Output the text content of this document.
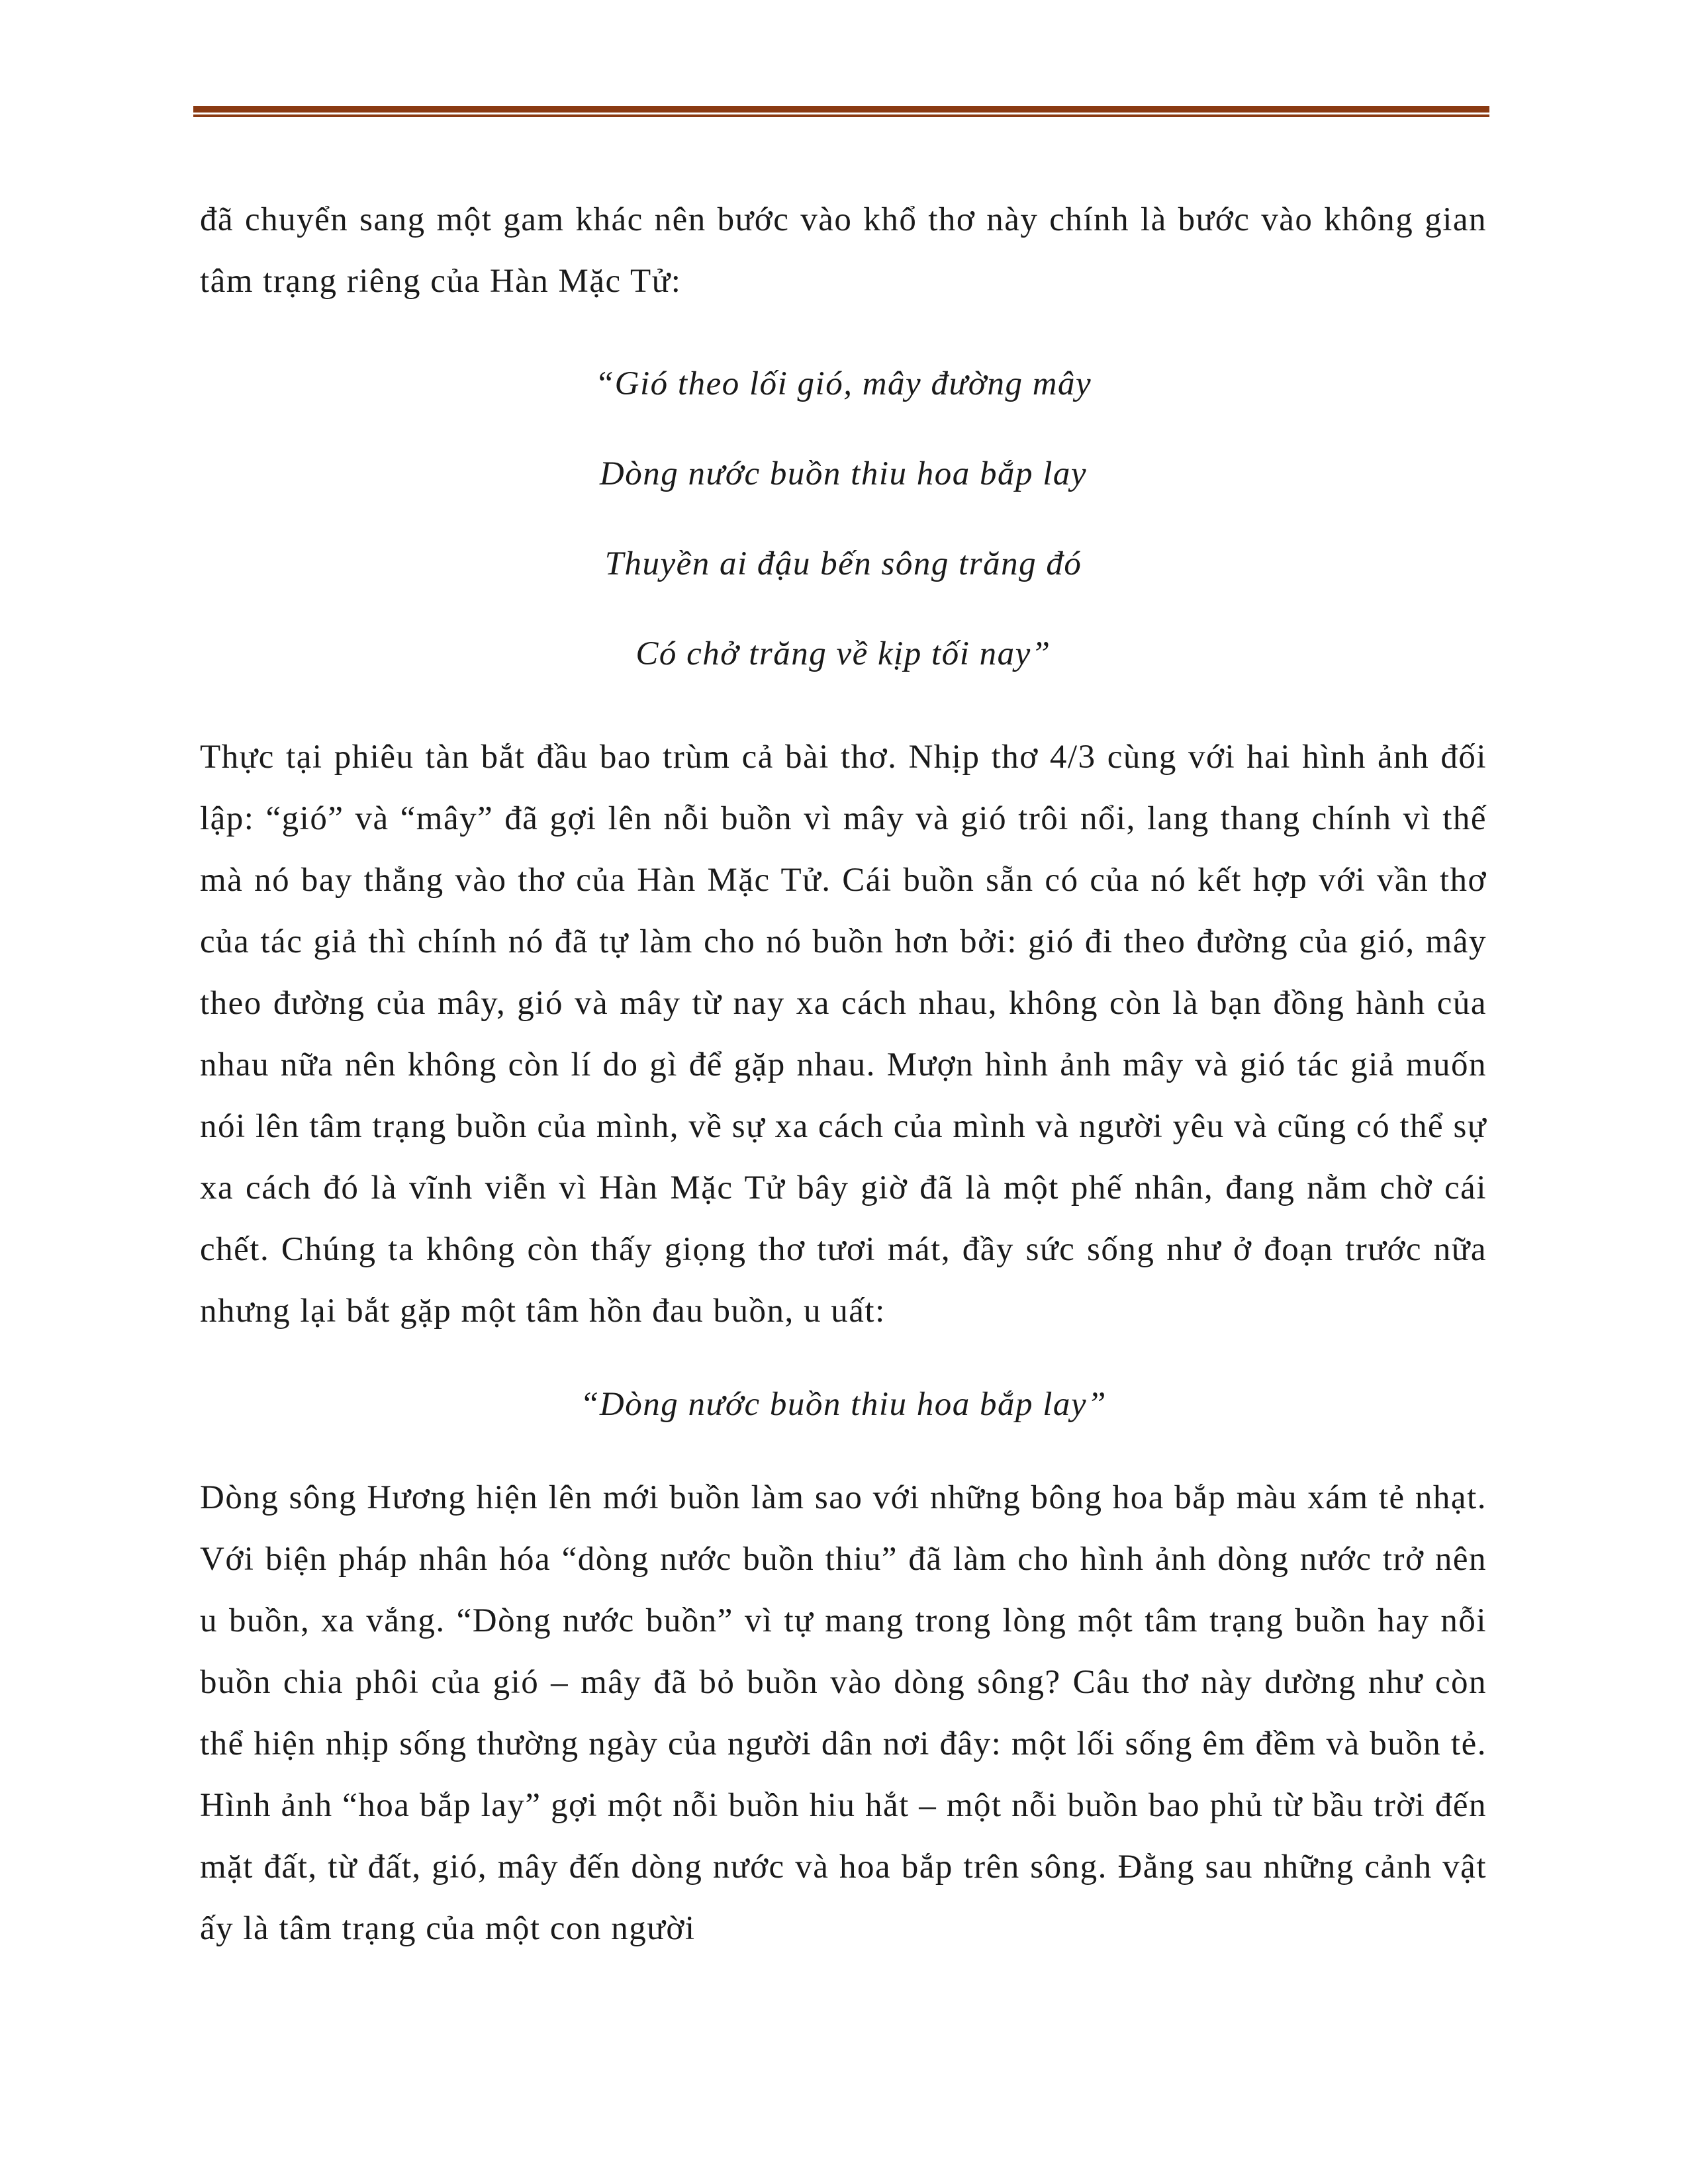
đã chuyển sang một gam khác nên bước vào khổ thơ này chính là bước vào không gian tâm trạng riêng của Hàn Mặc Tử:

“Gió theo lối gió, mây đường mây

Dòng nước buồn thiu hoa bắp lay

Thuyền ai đậu bến sông trăng đó

Có chở trăng về kịp tối nay”

Thực tại phiêu tàn bắt đầu bao trùm cả bài thơ. Nhịp thơ 4/3 cùng với hai hình ảnh đối lập: “gió” và “mây” đã gợi lên nỗi buồn vì mây và gió trôi nổi, lang thang chính vì thế mà nó bay thẳng vào thơ của Hàn Mặc Tử. Cái buồn sẵn có của nó kết hợp với vần thơ của tác giả thì chính nó đã tự làm cho nó buồn hơn bởi: gió đi theo đường của gió, mây theo đường của mây, gió và mây từ nay xa cách nhau, không còn là bạn đồng hành của nhau nữa nên không còn lí do gì để gặp nhau. Mượn hình ảnh mây và gió tác giả muốn nói lên tâm trạng buồn của mình, về sự xa cách của mình và người yêu và cũng có thể sự xa cách đó là vĩnh viễn vì Hàn Mặc Tử bây giờ đã là một phế nhân, đang nằm chờ cái chết. Chúng ta không còn thấy giọng thơ tươi mát, đầy sức sống như ở đoạn trước nữa nhưng lại bắt gặp một tâm hồn đau buồn, u uất:

“Dòng nước buồn thiu hoa bắp lay”

Dòng sông Hương hiện lên mới buồn làm sao với những bông hoa bắp màu xám tẻ nhạt. Với biện pháp nhân hóa “dòng nước buồn thiu” đã làm cho hình ảnh dòng nước trở nên u buồn, xa vắng. “Dòng nước buồn” vì tự mang trong lòng một tâm trạng buồn hay nỗi buồn chia phôi của gió – mây đã bỏ buồn vào dòng sông? Câu thơ này dường như còn thể hiện nhịp sống thường ngày của người dân nơi đây: một lối sống êm đềm và buồn tẻ. Hình ảnh “hoa bắp lay” gợi một nỗi buồn hiu hắt – một nỗi buồn bao phủ từ bầu trời đến mặt đất, từ đất, gió, mây đến dòng nước và hoa bắp trên sông. Đằng sau những cảnh vật ấy là tâm trạng của một con người
